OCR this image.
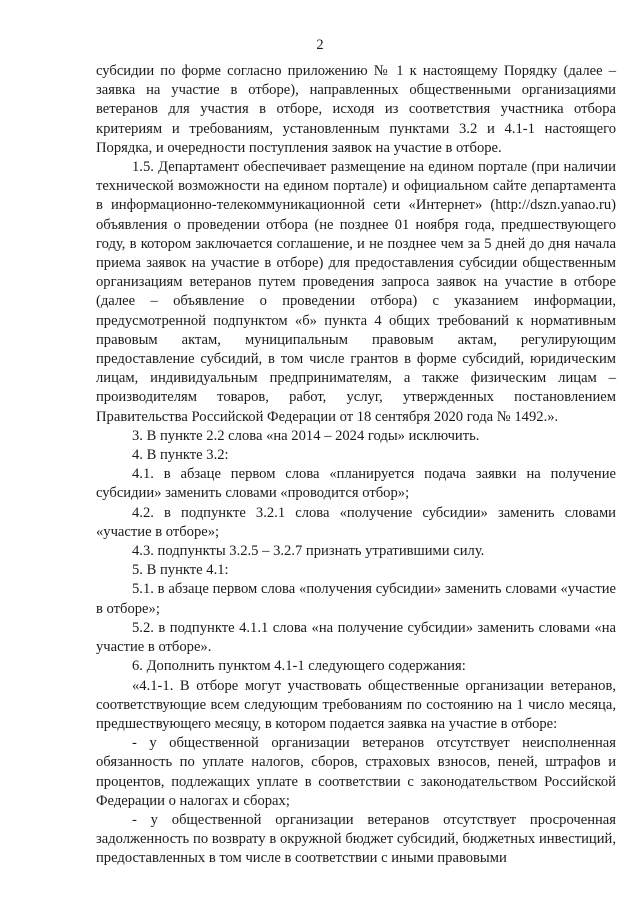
2

субсидии по форме согласно приложению № 1 к настоящему Порядку (далее – заявка на участие в отборе), направленных общественными организациями ветеранов для участия в отборе, исходя из соответствия участника отбора критериям и требованиям, установленным пунктами 3.2 и 4.1-1 настоящего Порядка, и очередности поступления заявок на участие в отборе.

1.5. Департамент обеспечивает размещение на едином портале (при наличии технической возможности на едином портале) и официальном сайте департамента в информационно-телекоммуникационной сети «Интернет» (http://dszn.yanao.ru) объявления о проведении отбора (не позднее 01 ноября года, предшествующего году, в котором заключается соглашение, и не позднее чем за 5 дней до дня начала приема заявок на участие в отборе) для предоставления субсидии общественным организациям ветеранов путем проведения запроса заявок на участие в отборе (далее – объявление о проведении отбора) с указанием информации, предусмотренной подпунктом «б» пункта 4 общих требований к нормативным правовым актам, муниципальным правовым актам, регулирующим предоставление субсидий, в том числе грантов в форме субсидий, юридическим лицам, индивидуальным предпринимателям, а также физическим лицам – производителям товаров, работ, услуг, утвержденных постановлением Правительства Российской Федерации от 18 сентября 2020 года № 1492.».

3. В пункте 2.2 слова «на 2014 – 2024 годы» исключить.

4. В пункте 3.2:

4.1. в абзаце первом слова «планируется подача заявки на получение субсидии» заменить словами «проводится отбор»;

4.2. в подпункте 3.2.1 слова «получение субсидии» заменить словами «участие в отборе»;

4.3. подпункты 3.2.5 – 3.2.7 признать утратившими силу.

5. В пункте 4.1:

5.1. в абзаце первом слова «получения субсидии» заменить словами «участие в отборе»;

5.2. в подпункте 4.1.1 слова «на получение субсидии» заменить словами «на участие в отборе».

6. Дополнить пунктом 4.1-1 следующего содержания:

«4.1-1. В отборе могут участвовать общественные организации ветеранов, соответствующие всем следующим требованиям по состоянию на 1 число месяца, предшествующего месяцу, в котором подается заявка на участие в отборе:

- у общественной организации ветеранов отсутствует неисполненная обязанность по уплате налогов, сборов, страховых взносов, пеней, штрафов и процентов, подлежащих уплате в соответствии с законодательством Российской Федерации о налогах и сборах;

- у общественной организации ветеранов отсутствует просроченная задолженность по возврату в окружной бюджет субсидий, бюджетных инвестиций, предоставленных в том числе в соответствии с иными правовыми
